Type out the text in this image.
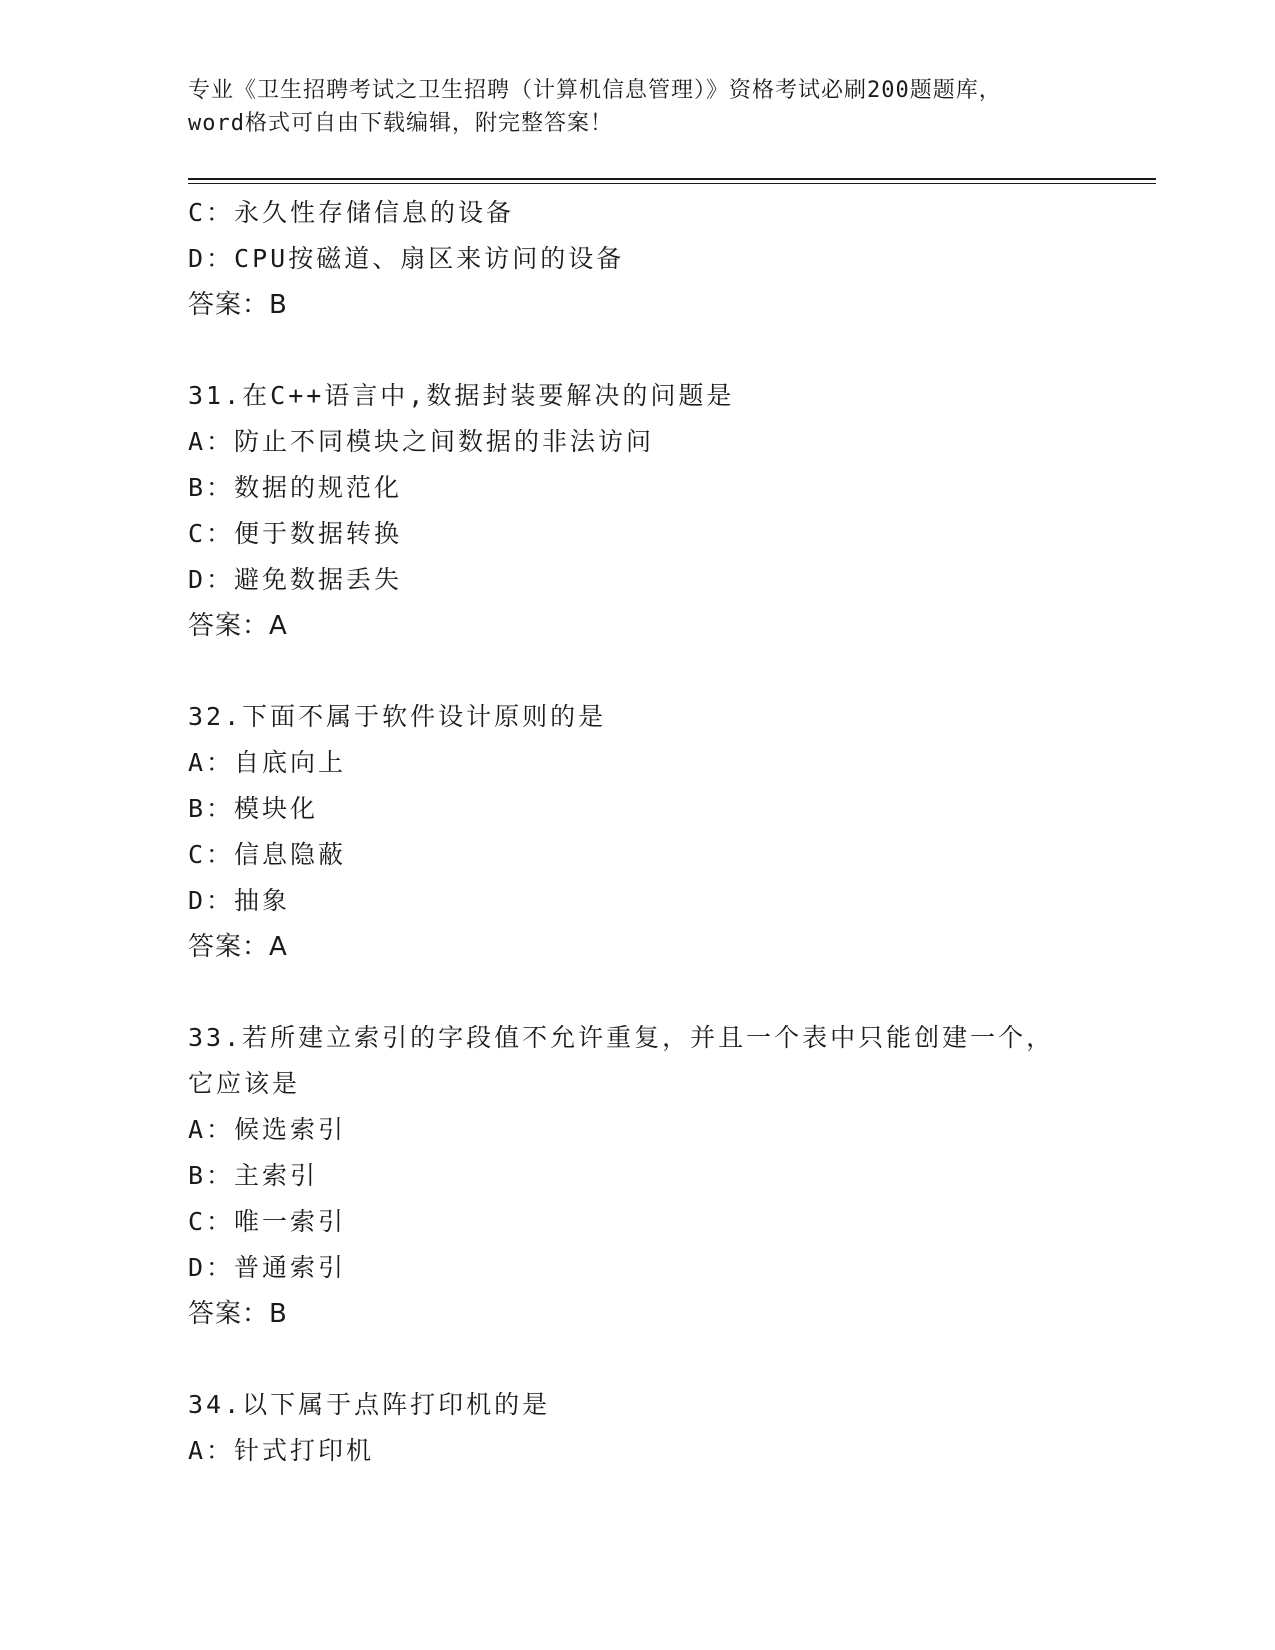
专业《卫生招聘考试之卫生招聘（计算机信息管理）》资格考试必刷200题题库，
word格式可自由下载编辑，附完整答案！
C：永久性存储信息的设备
D：CPU按磁道、扇区来访问的设备
答案：B
31.在C++语言中,数据封装要解决的问题是
A：防止不同模块之间数据的非法访问
B：数据的规范化
C：便于数据转换
D：避免数据丢失
答案：A
32.下面不属于软件设计原则的是
A：自底向上
B：模块化
C：信息隐蔽
D：抽象
答案：A
33.若所建立索引的字段值不允许重复，并且一个表中只能创建一个，
它应该是
A：候选索引
B：主索引
C：唯一索引
D：普通索引
答案：B
34.以下属于点阵打印机的是
A：针式打印机
